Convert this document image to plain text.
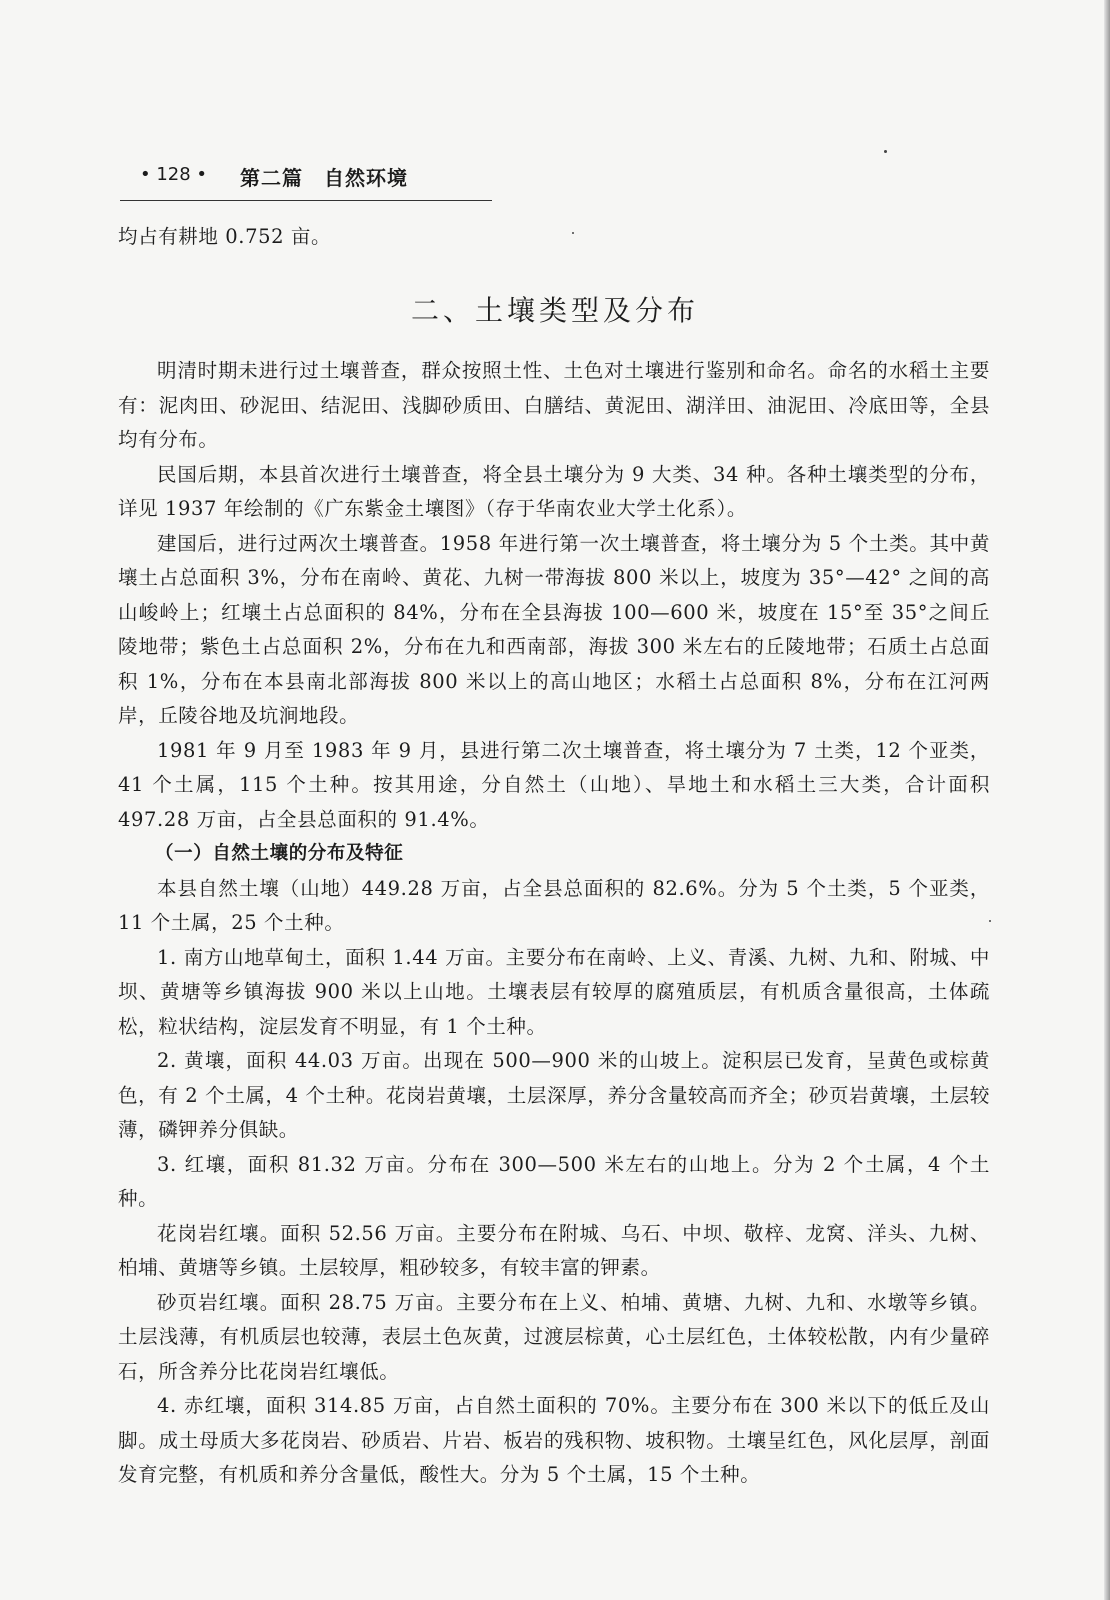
• 128 • 第二篇　自然环境

均占有耕地 0.752 亩。

二、土壤类型及分布

明清时期未进行过土壤普查，群众按照土性、土色对土壤进行鉴别和命名。命名的水稻土主要有：泥肉田、砂泥田、结泥田、浅脚砂质田、白膳结、黄泥田、湖洋田、油泥田、冷底田等，全县均有分布。

民国后期，本县首次进行土壤普查，将全县土壤分为 9 大类、34 种。各种土壤类型的分布，详见 1937 年绘制的《广东紫金土壤图》（存于华南农业大学土化系）。

建国后，进行过两次土壤普查。1958 年进行第一次土壤普查，将土壤分为 5 个土类。其中黄壤土占总面积 3%，分布在南岭、黄花、九树一带海拔 800 米以上，坡度为 35°—42° 之间的高山峻岭上；红壤土占总面积的 84%，分布在全县海拔 100—600 米，坡度在 15°至 35°之间丘陵地带；紫色土占总面积 2%，分布在九和西南部，海拔 300 米左右的丘陵地带；石质土占总面积 1%，分布在本县南北部海拔 800 米以上的高山地区；水稻土占总面积 8%，分布在江河两岸，丘陵谷地及坑涧地段。

1981 年 9 月至 1983 年 9 月，县进行第二次土壤普查，将土壤分为 7 土类，12 个亚类，41 个土属，115 个土种。按其用途，分自然土（山地）、旱地土和水稻土三大类，合计面积 497.28 万亩，占全县总面积的 91.4%。

（一）自然土壤的分布及特征

本县自然土壤（山地）449.28 万亩，占全县总面积的 82.6%。分为 5 个土类，5 个亚类，11 个土属，25 个土种。

1. 南方山地草甸土，面积 1.44 万亩。主要分布在南岭、上义、青溪、九树、九和、附城、中坝、黄塘等乡镇海拔 900 米以上山地。土壤表层有较厚的腐殖质层，有机质含量很高，土体疏松，粒状结构，淀层发育不明显，有 1 个土种。

2. 黄壤，面积 44.03 万亩。出现在 500—900 米的山坡上。淀积层已发育，呈黄色或棕黄色，有 2 个土属，4 个土种。花岗岩黄壤，土层深厚，养分含量较高而齐全；砂页岩黄壤，土层较薄，磷钾养分俱缺。

3. 红壤，面积 81.32 万亩。分布在 300—500 米左右的山地上。分为 2 个土属，4 个土种。

花岗岩红壤。面积 52.56 万亩。主要分布在附城、乌石、中坝、敬梓、龙窝、洋头、九树、柏埔、黄塘等乡镇。土层较厚，粗砂较多，有较丰富的钾素。

砂页岩红壤。面积 28.75 万亩。主要分布在上义、柏埔、黄塘、九树、九和、水墩等乡镇。土层浅薄，有机质层也较薄，表层土色灰黄，过渡层棕黄，心土层红色，土体较松散，内有少量碎石，所含养分比花岗岩红壤低。

4. 赤红壤，面积 314.85 万亩，占自然土面积的 70%。主要分布在 300 米以下的低丘及山脚。成土母质大多花岗岩、砂质岩、片岩、板岩的残积物、坡积物。土壤呈红色，风化层厚，剖面发育完整，有机质和养分含量低，酸性大。分为 5 个土属，15 个土种。
